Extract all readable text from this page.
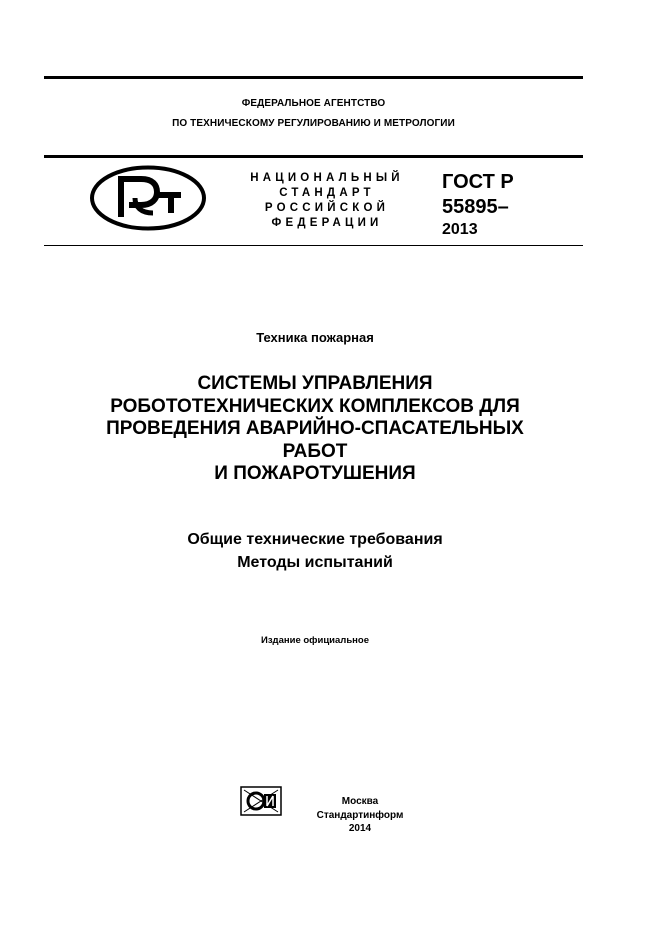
ФЕДЕРАЛЬНОЕ АГЕНТСТВО
ПО ТЕХНИЧЕСКОМУ РЕГУЛИРОВАНИЮ И МЕТРОЛОГИИ
НАЦИОНАЛЬНЫЙ
СТАНДАРТ
РОССИЙСКОЙ
ФЕДЕРАЦИИ
ГОСТ Р
55895–
2013
Техника пожарная
СИСТЕМЫ УПРАВЛЕНИЯ
РОБОТОТЕХНИЧЕСКИХ КОМПЛЕКСОВ ДЛЯ
ПРОВЕДЕНИЯ АВАРИЙНО-СПАСАТЕЛЬНЫХ
РАБОТ
И ПОЖАРОТУШЕНИЯ
Общие технические требования
Методы испытаний
Издание официальное
Москва
Стандартинформ
2014
